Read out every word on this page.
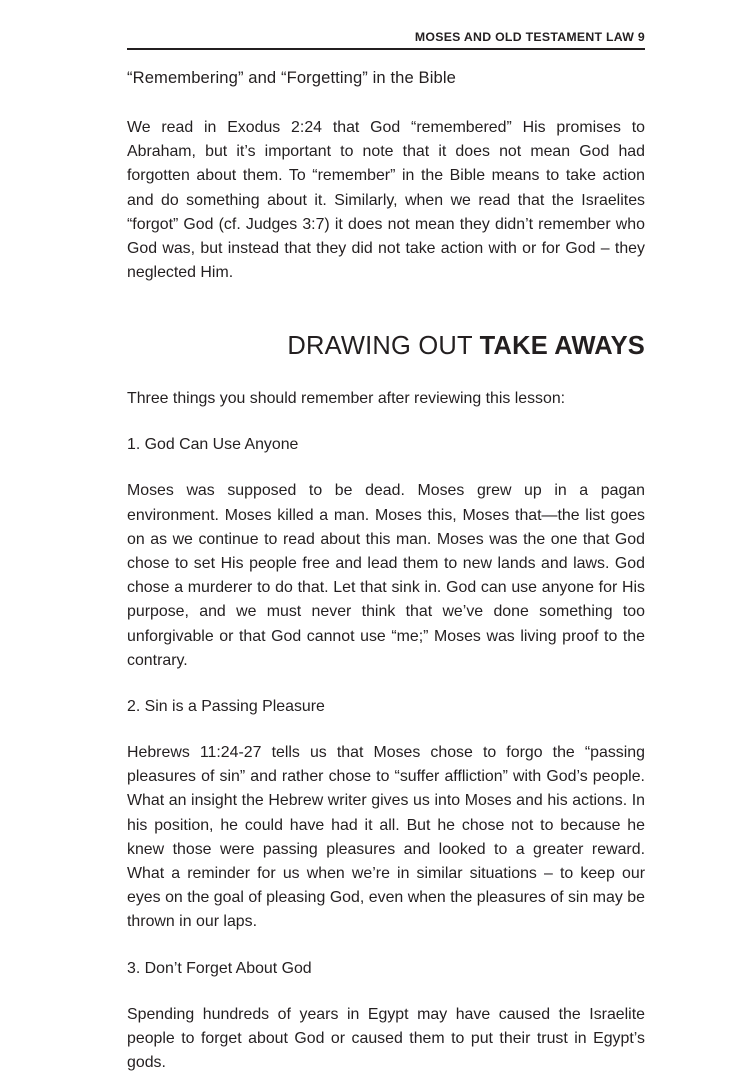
MOSES AND OLD TESTAMENT LAW 9
“Remembering” and “Forgetting” in the Bible

We read in Exodus 2:24 that God “remembered” His promises to Abraham, but it’s important to note that it does not mean God had forgotten about them. To “remember” in the Bible means to take action and do something about it. Similarly, when we read that the Israelites “forgot” God (cf. Judges 3:7) it does not mean they didn’t remember who God was, but instead that they did not take action with or for God – they neglected Him.

DRAWING OUT TAKE AWAYS
Three things you should remember after reviewing this lesson:
1. God Can Use Anyone

Moses was supposed to be dead. Moses grew up in a pagan environment. Moses killed a man. Moses this, Moses that—the list goes on as we continue to read about this man. Moses was the one that God chose to set His people free and lead them to new lands and laws. God chose a murderer to do that. Let that sink in. God can use anyone for His purpose, and we must never think that we’ve done something too unforgivable or that God cannot use “me;” Moses was living proof to the contrary.

2. Sin is a Passing Pleasure

Hebrews 11:24-27 tells us that Moses chose to forgo the “passing pleasures of sin” and rather chose to “suffer affliction” with God’s people. What an insight the Hebrew writer gives us into Moses and his actions. In his position, he could have had it all. But he chose not to because he knew those were passing pleasures and looked to a greater reward. What a reminder for us when we’re in similar situations – to keep our eyes on the goal of pleasing God, even when the pleasures of sin may be thrown in our laps.

3. Don’t Forget About God

Spending hundreds of years in Egypt may have caused the Israelite people to forget about God or caused them to put their trust in Egypt’s gods.
